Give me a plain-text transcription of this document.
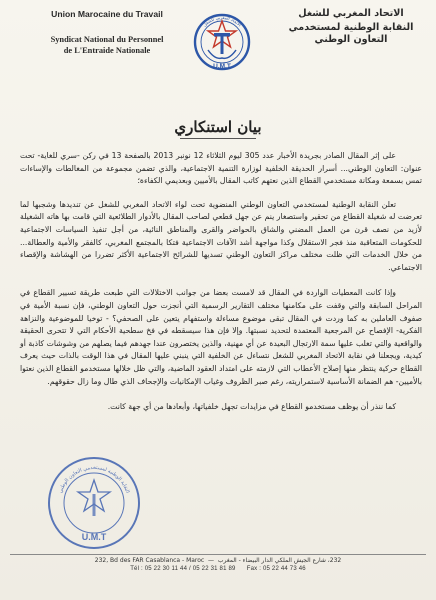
Union Marocaine du Travail
Syndicat National du Personnel
de L'Entraide Nationale
U.M.T
الاتحاد المغربي للشغل
الاتحاد المغربي للشغل
النقابة الوطنية لمستخدمي
التعاون الوطني
بيان استنكاري

على إثر المقال الصادر بجريدة الأخبار عدد 305 ليوم الثلاثاء 12 نونبر 2013 بالصفحة 13 في ركن -سري للغاية- تحت عنوان: التعاون الوطني... أسرار الحديقة الخلفية لوزارة التنمية الاجتماعية، والذي تضمن مجموعة من المغالطات والإساءات تمس بسمعة ومكانة مستخدمي القطاع الذين نعتهم كاتب المقال بالأميين وبعديمي الكفاءة؛

تعلن النقابة الوطنية لمستخدمي التعاون الوطني المنضوية تحت لواء الاتحاد المغربي للشغل عن تنديدها وشجبها لما تعرضت له شغيلة القطاع من تحقير واستصغار ينم عن جهل قطعي لصاحب المقال بالأدوار الطلائعية التي قامت بها هاته الشغيلة لأزيد من نصف قرن من العمل المضني والشاق بالحواضر والقرى والمناطق النائية، من أجل تنفيذ السياسات الاجتماعية للحكومات المتعاقبة منذ فجر الاستقلال وكذا مواجهة أشد الآفات الاجتماعية فتكا بالمجتمع المغربي، كالفقر والأمية والعطالة... من خلال الخدمات التي ظلت مختلف مراكز التعاون الوطني تسديها للشرائح الاجتماعية الأكثر تضررا من الهشاشة والإقصاء الاجتماعي.

وإذا كانت المعطيات الواردة في المقال قد لامست بعضا من جوانب الاختلالات التي طبعت طريقة تسيير القطاع في المراحل السابقة والتي وقفت على مكامنها مختلف التقارير الرسمية التي أنجزت حول التعاون الوطني، فإن نسبة الأمية في صفوف العاملين به كما وردت في المقال تبقى موضوع مساءلة واستفهام يتعين على الصحفي؟ - توخيا للموضوعية والنزاهة الفكرية- الإفصاح عن المرجعية المعتمدة لتحديد نسبتها. وإلا فإن هذا سيسقطه في فخ سطحية الأحكام التي لا تتحرى الحقيقة والواقعية والتي تغلب عليها سمة الارتجال البعيدة عن أي مهنية، والذين يختصرون عندا جهدهم فيما يصلهم من وشوشات كاذبة أو كيدية، ويجعلنا في نقابة الاتحاد المغربي للشغل نتساءل عن الخلفية التي ينبني عليها المقال في هذا الوقت بالذات حيث يعرف القطاع حركية ينتظر منها إصلاح الأعطاب التي لازمته على امتداد العقود الماضية، والتي ظل خلالها مستخدمو القطاع الذين نعتوا بالأميين- هم الضمانة الأساسية لاستمراريته، رغم صبر الظروف وغياب الإمكانيات والإجحاف الذي طال وما زال حقوقهم.

كما ننذر أن يوظف مستخدمو القطاع في مزايدات تجهل خلفياتها، وأبعادها من أي جهة كانت.

النقابة الوطنية لمستخدمي التعاون الوطني
U.M.T
232, Bd des FAR Casablanca - Maroc  —  232، شارع الجيش الملكي الدار البيضاء - المغرب
Tél : 05 22 30 11 44 / 05 22 31 81 89 Fax : 05 22 44 73 46
